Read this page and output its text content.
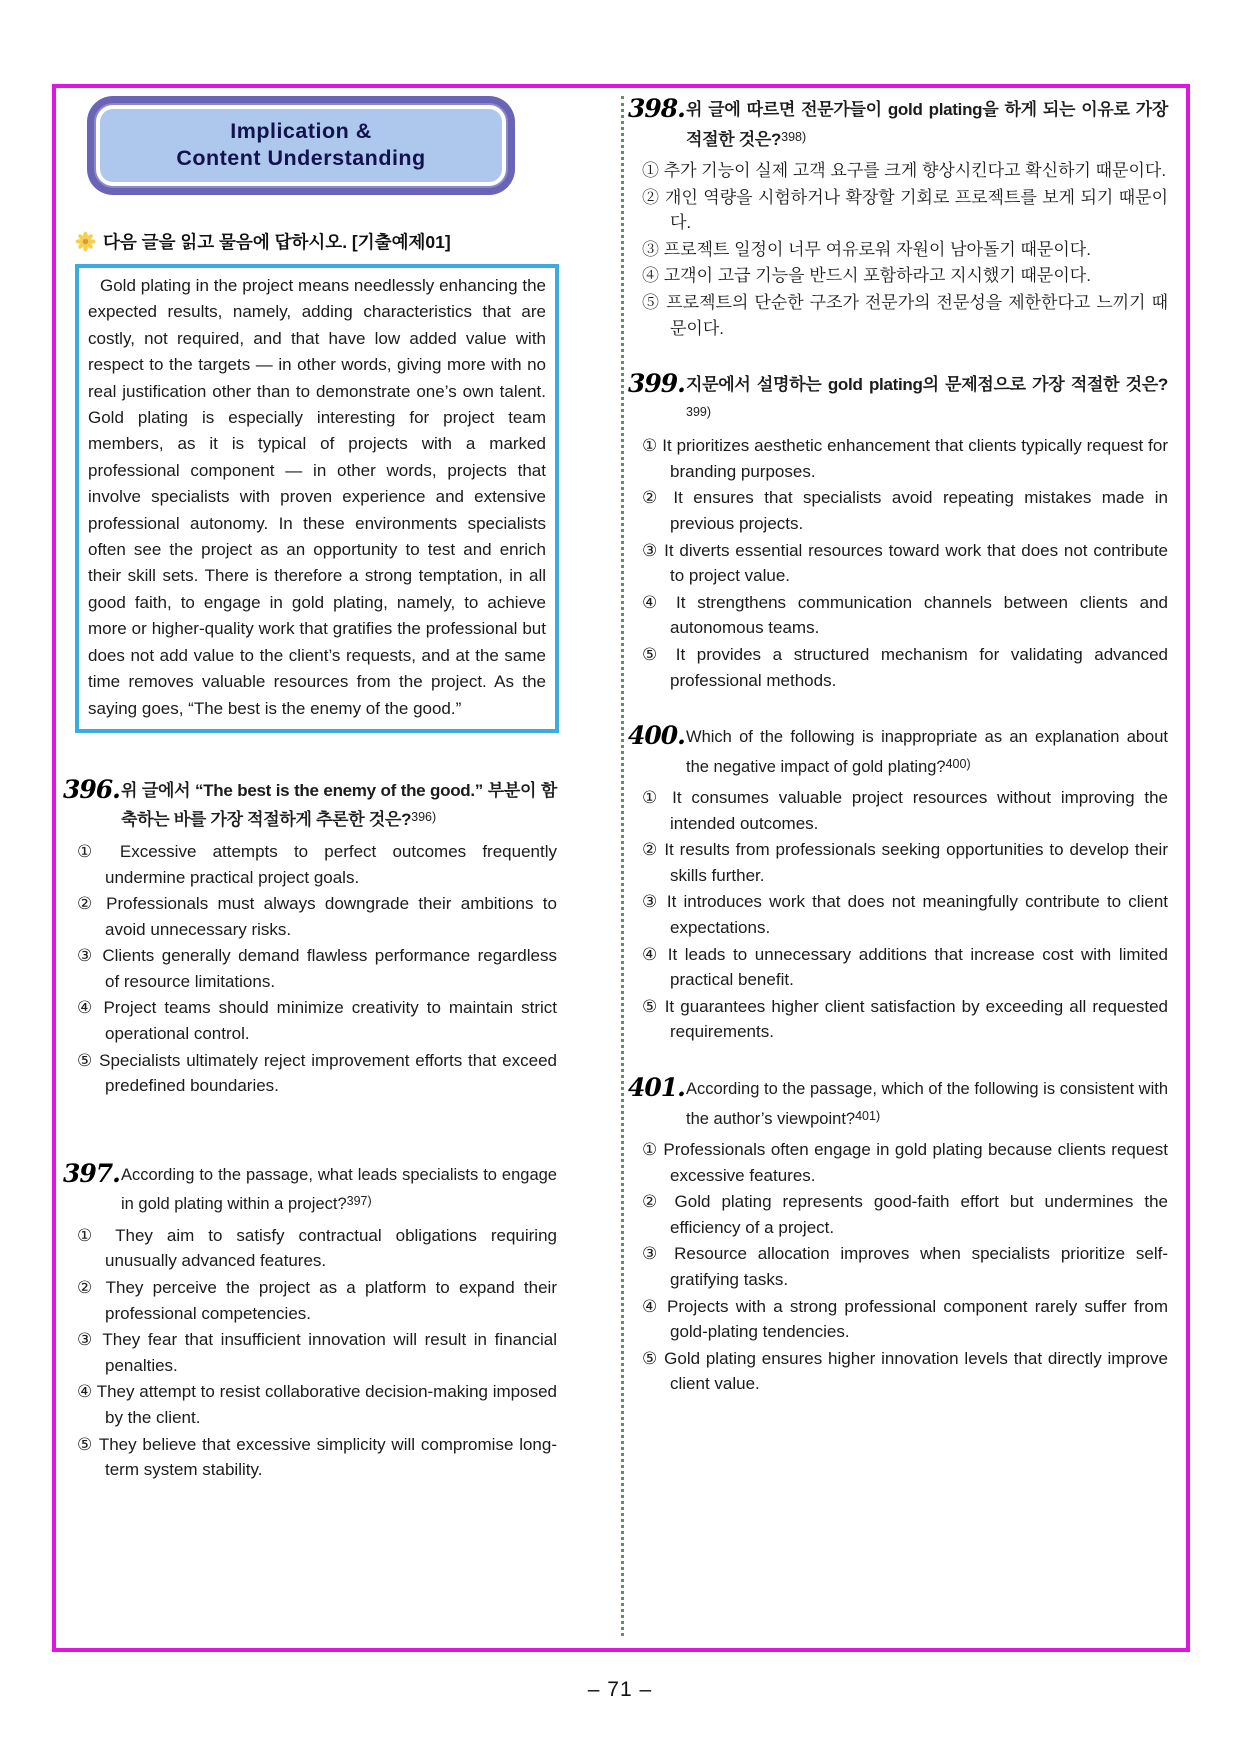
Implication &
Content Understanding
다음 글을 읽고 물음에 답하시오. [기출예제01]

Gold plating in the project means needlessly enhancing the expected results, namely, adding characteristics that are costly, not required, and that have low added value with respect to the targets — in other words, giving more with no real justification other than to demonstrate one’s own talent. Gold plating is especially interesting for project team members, as it is typical of projects with a marked professional component — in other words, projects that involve specialists with proven experience and extensive professional autonomy. In these environments specialists often see the project as an opportunity to test and enrich their skill sets. There is therefore a strong temptation, in all good faith, to engage in gold plating, namely, to achieve more or higher-quality work that gratifies the professional but does not add value to the client’s requests, and at the same time removes valuable resources from the project. As the saying goes, “The best is the enemy of the good.”

396. 위 글에서 “The best is the enemy of the good.” 부분이 함축하는 바를 가장 적절하게 추론한 것은?$^{396)}$

① Excessive attempts to perfect outcomes frequently undermine practical project goals.

② Professionals must always downgrade their ambitions to avoid unnecessary risks.

③ Clients generally demand flawless performance regardless of resource limitations.

④ Project teams should minimize creativity to maintain strict operational control.

⑤ Specialists ultimately reject improvement efforts that exceed predefined boundaries.

397. According to the passage, what leads specialists to engage in gold plating within a project?$^{397)}$

① They aim to satisfy contractual obligations requiring unusually advanced features.

② They perceive the project as a platform to expand their professional competencies.

③ They fear that insufficient innovation will result in financial penalties.

④ They attempt to resist collaborative decision-making imposed by the client.

⑤ They believe that excessive simplicity will compromise long-term system stability.

398. 위 글에 따르면 전문가들이 gold plating을 하게 되는 이유로 가장 적절한 것은?$^{398)}$

① 추가 기능이 실제 고객 요구를 크게 향상시킨다고 확신하기 때문이다.

② 개인 역량을 시험하거나 확장할 기회로 프로젝트를 보게 되기 때문이다.

③ 프로젝트 일정이 너무 여유로워 자원이 남아돌기 때문이다.

④ 고객이 고급 기능을 반드시 포함하라고 지시했기 때문이다.

⑤ 프로젝트의 단순한 구조가 전문가의 전문성을 제한한다고 느끼기 때문이다.

399. 지문에서 설명하는 gold plating의 문제점으로 가장 적절한 것은?$^{399)}$

① It prioritizes aesthetic enhancement that clients typically request for branding purposes.

② It ensures that specialists avoid repeating mistakes made in previous projects.

③ It diverts essential resources toward work that does not contribute to project value.

④ It strengthens communication channels between clients and autonomous teams.

⑤ It provides a structured mechanism for validating advanced professional methods.

400. Which of the following is inappropriate as an explanation about the negative impact of gold plating?$^{400)}$

① It consumes valuable project resources without improving the intended outcomes.

② It results from professionals seeking opportunities to develop their skills further.

③ It introduces work that does not meaningfully contribute to client expectations.

④ It leads to unnecessary additions that increase cost with limited practical benefit.

⑤ It guarantees higher client satisfaction by exceeding all requested requirements.

401. According to the passage, which of the following is consistent with the author’s viewpoint?$^{401)}$

① Professionals often engage in gold plating because clients request excessive features.

② Gold plating represents good-faith effort but undermines the efficiency of a project.

③ Resource allocation improves when specialists prioritize self-gratifying tasks.

④ Projects with a strong professional component rarely suffer from gold-plating tendencies.

⑤ Gold plating ensures higher innovation levels that directly improve client value.

– 71 –
